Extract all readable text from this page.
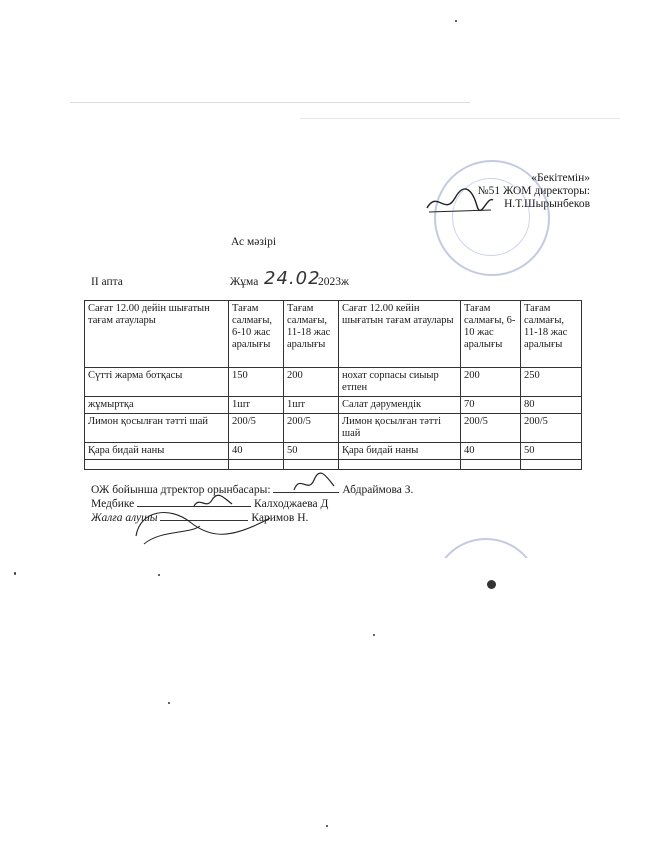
«Бекітемін»
№51 ЖОМ директоры:
Н.Т.Шырынбеков
Ас мәзірі
II апта	Жұма 24.02
2023ж
Сағат 12.00 дейін шығатын тағам атаулары	Тағам салмағы, 6-10 жас аралығы	Тағам салмағы, 11-18 жас аралығы	Сағат 12.00 кейін шығатын тағам атаулары	Тағам салмағы, 6-10 жас аралығы	Тағам салмағы, 11-18 жас аралығы
Сүтті жарма ботқасы	150	200	нохат сорпасы сиыыр етпен	200	250
жұмыртқа	1шт	1шт	Салат дәрумендік	70	80
Лимон қосылған тәтті шай	200/5	200/5	Лимон қосылған тәтті шай	200/5	200/5
Қара бидай наны	40	50	Қара бидай наны	40	50

ОЖ бойынша дтректор орынбасары:	Абдраймова З.
Медбике	Калходжаева Д
Жалға алушы	Каримов Н.
